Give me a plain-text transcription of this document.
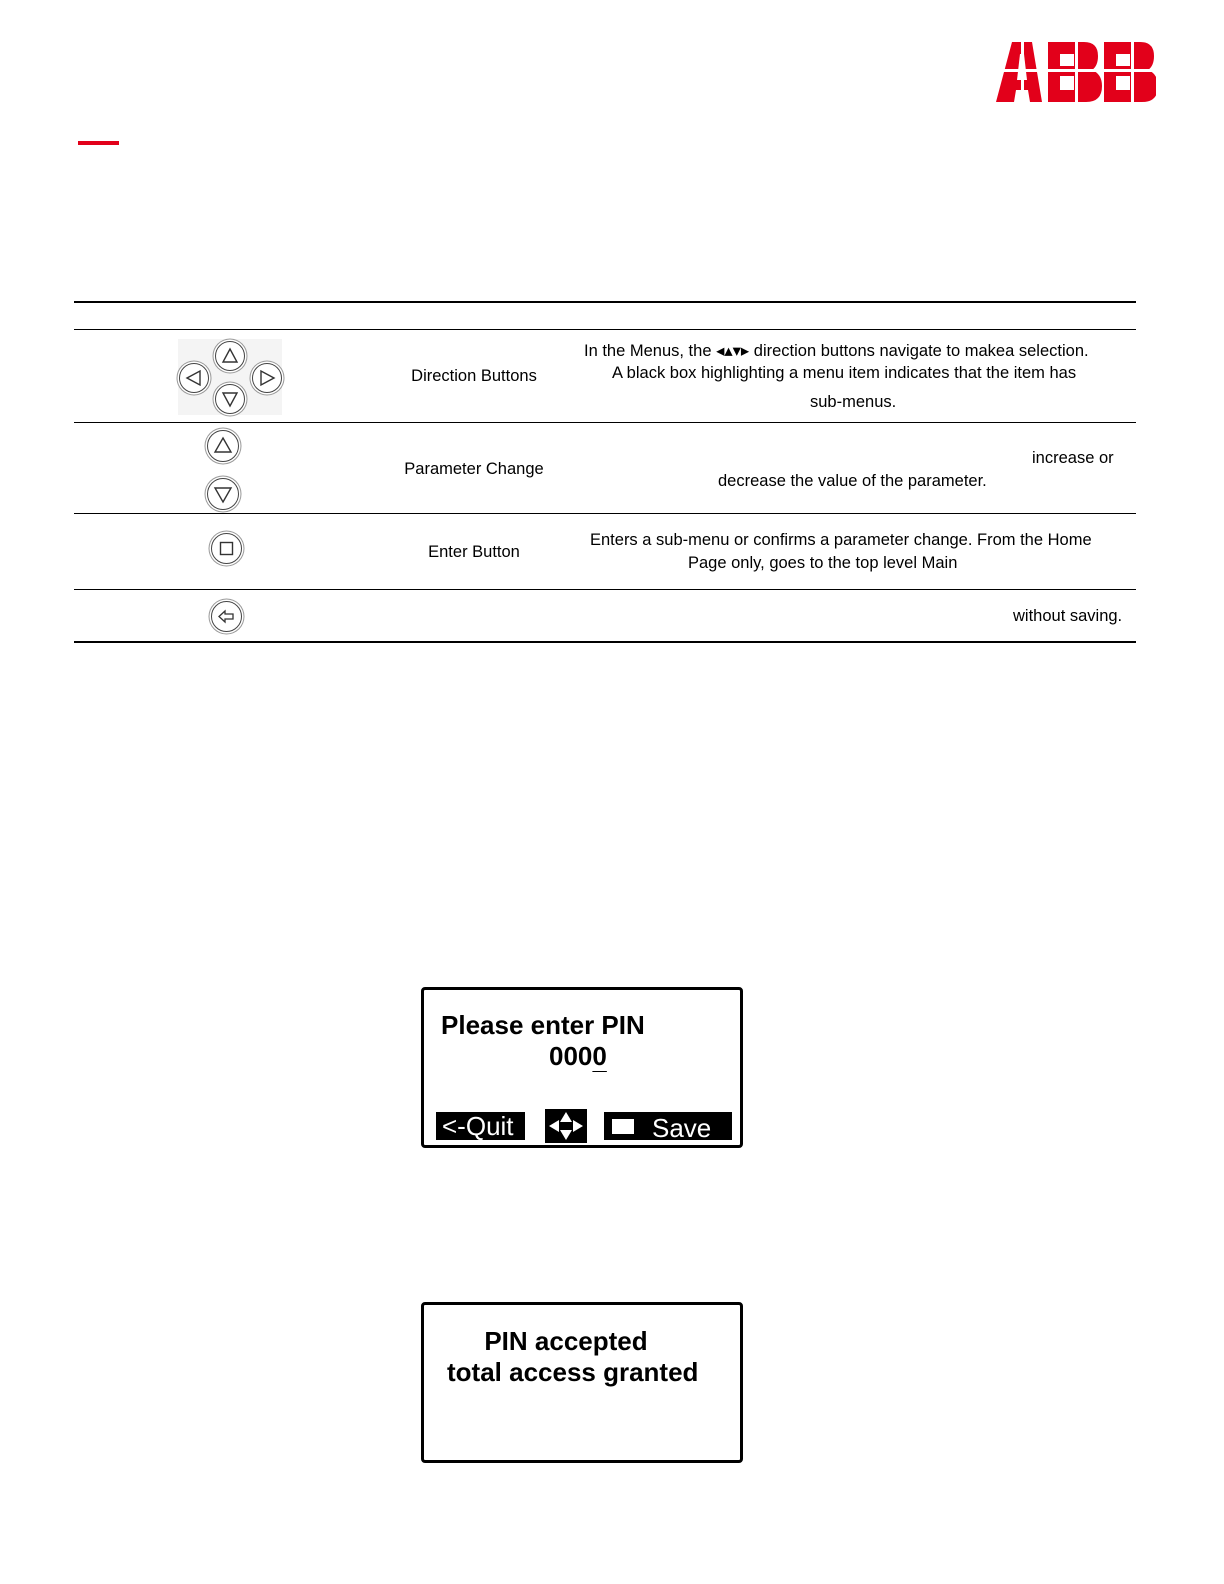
Direction Buttons
In the Menus, the ◂▴▾▸ direction buttons navigate to makea selection.
A black box highlighting a menu item indicates that the item has
sub-menus.
Parameter Change
increase or
decrease the value of the parameter.
Enter Button
Enters a sub-menu or confirms a parameter change. From the Home
Page only, goes to the top level Main
without saving.
Please enter PIN
0000
<-Quit	Save
PIN accepted
total access granted
